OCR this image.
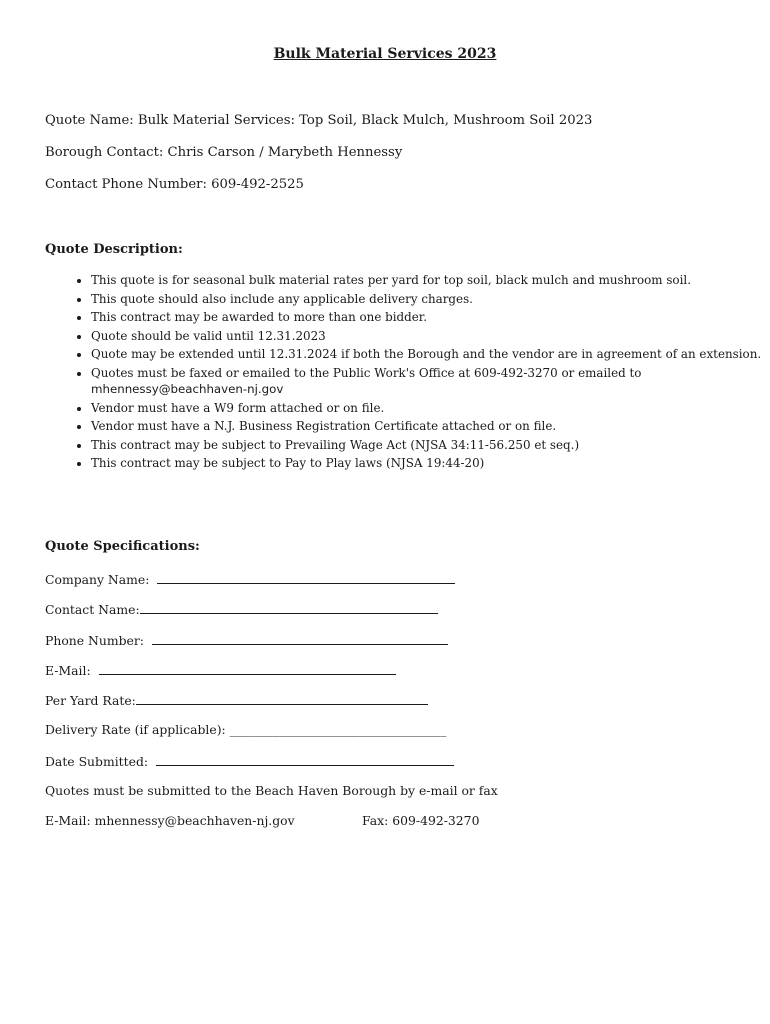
Bulk Material Services 2023
Quote Name: Bulk Material Services: Top Soil, Black Mulch, Mushroom Soil 2023
Borough Contact: Chris Carson / Marybeth Hennessy
Contact Phone Number: 609-492-2525
Quote Description:
• This quote is for seasonal bulk material rates per yard for top soil, black mulch and mushroom soil.
• This quote should also include any applicable delivery charges.
• This contract may be awarded to more than one bidder.
• Quote should be valid until 12.31.2023
• Quote may be extended until 12.31.2024 if both the Borough and the vendor are in agreement of an extension.
• Quotes must be faxed or emailed to the Public Work's Office at 609-492-3270 or emailed to
mhennessy@beachhaven-nj.gov
• Vendor must have a W9 form attached or on file.
• Vendor must have a N.J. Business Registration Certificate attached or on file.
• This contract may be subject to Prevailing Wage Act (NJSA 34:11-56.250 et seq.)
• This contract may be subject to Pay to Play laws (NJSA 19:44-20)
Quote Specifications:
Company Name:
Contact Name:
Phone Number:
E-Mail:
Per Yard Rate:
Delivery Rate (if applicable): ___________________________________
Date Submitted:
Quotes must be submitted to the Beach Haven Borough by e-mail or fax
E-Mail: mhennessy@beachhaven-nj.gov	Fax: 609-492-3270
